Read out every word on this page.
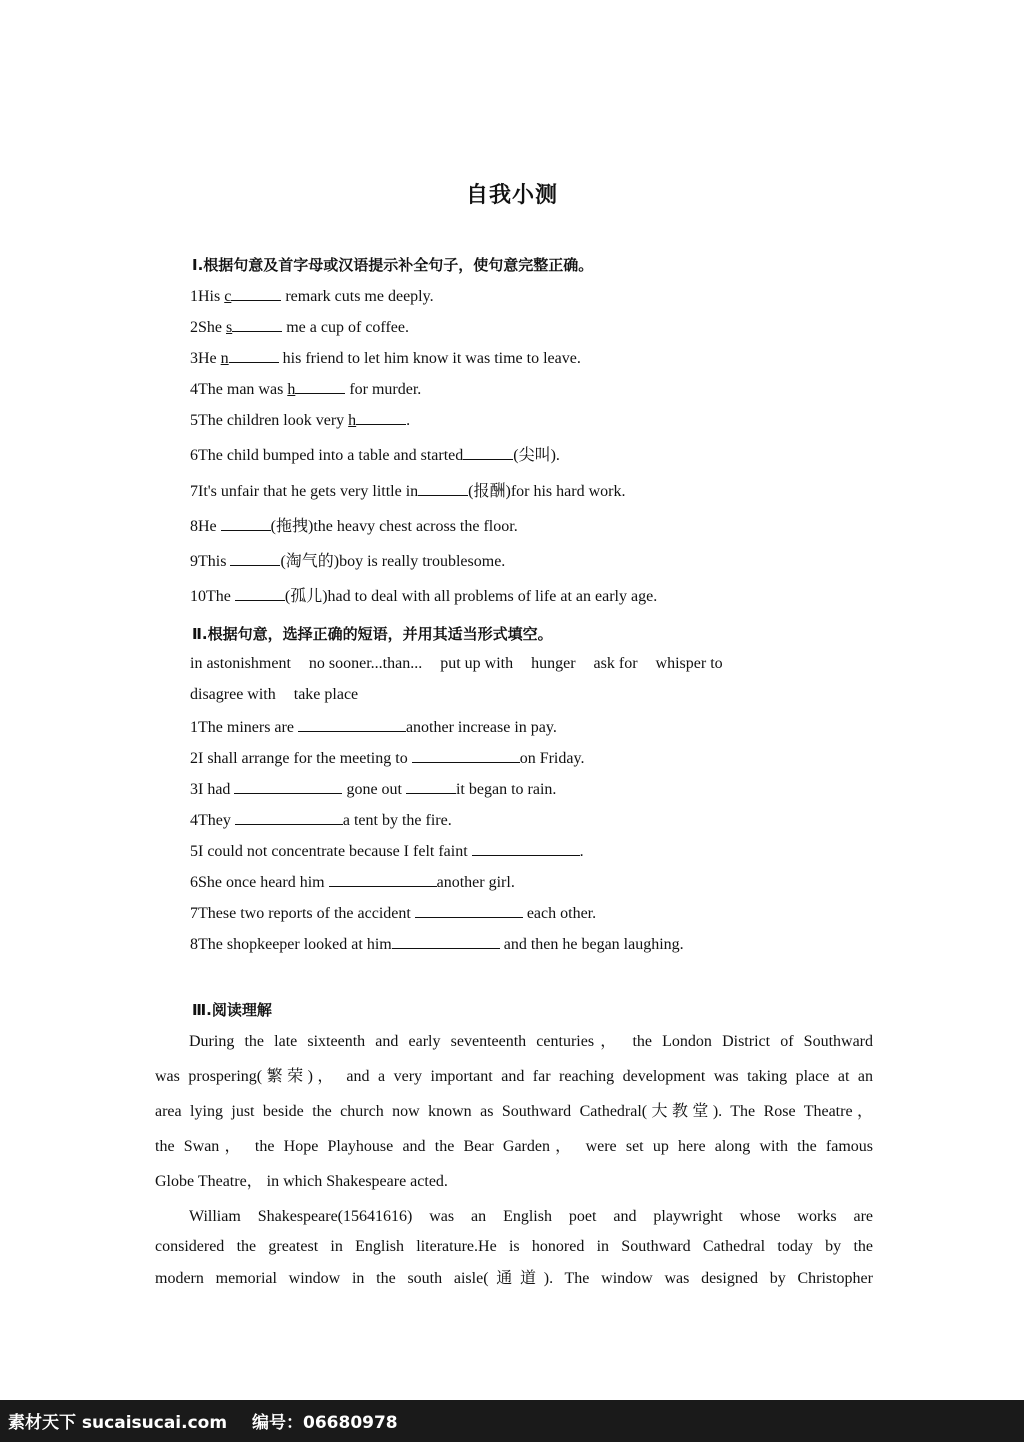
自我小测
Ⅰ.根据句意及首字母或汉语提示补全句子，使句意完整正确。
1His c	remark cuts me deeply.
2She s	me a cup of coffee.
3He n	his friend to let him know it was time to leave.
4The man was h	for murder.
5The children look very h	.
6The child bumped into a table and started	(尖叫).
7It's unfair that he gets very little in	(报酬)for his hard work.
8He	(拖拽)the heavy chest across the floor.
9This	(淘气的)boy is really troublesome.
10The	(孤儿)had to deal with all problems of life at an early age.
Ⅱ.根据句意，选择正确的短语，并用其适当形式填空。
in astonishment no sooner...than... put up with hunger ask for whisper to
disagree with take place
1The miners are	another increase in pay.
2I shall arrange for the meeting to	on Friday.
3I had	gone out	it began to rain.
4They	a tent by the fire.
5I could not concentrate because I felt faint	.
6She once heard him	another girl.
7These two reports of the accident	each other.
8The shopkeeper looked at him	and then he began laughing.
Ⅲ.阅读理解
During the late sixteenth and early seventeenth centuries， the London District of Southward
was prospering(繁荣)， and a very important and far reaching development was taking place at an
area lying just beside the church now known as Southward Cathedral(大教堂). The Rose Theatre，
the Swan， the Hope Playhouse and the Bear Garden， were set up here along with the famous
Globe Theatre， in which Shakespeare acted.
William Shakespeare(15641616) was an English poet and playwright whose works are
considered the greatest in English literature.He is honored in Southward Cathedral today by the
modern memorial window in the south aisle(通道). The window was designed by Christopher
素材天下 sucaisucai.com 编号：06680978
